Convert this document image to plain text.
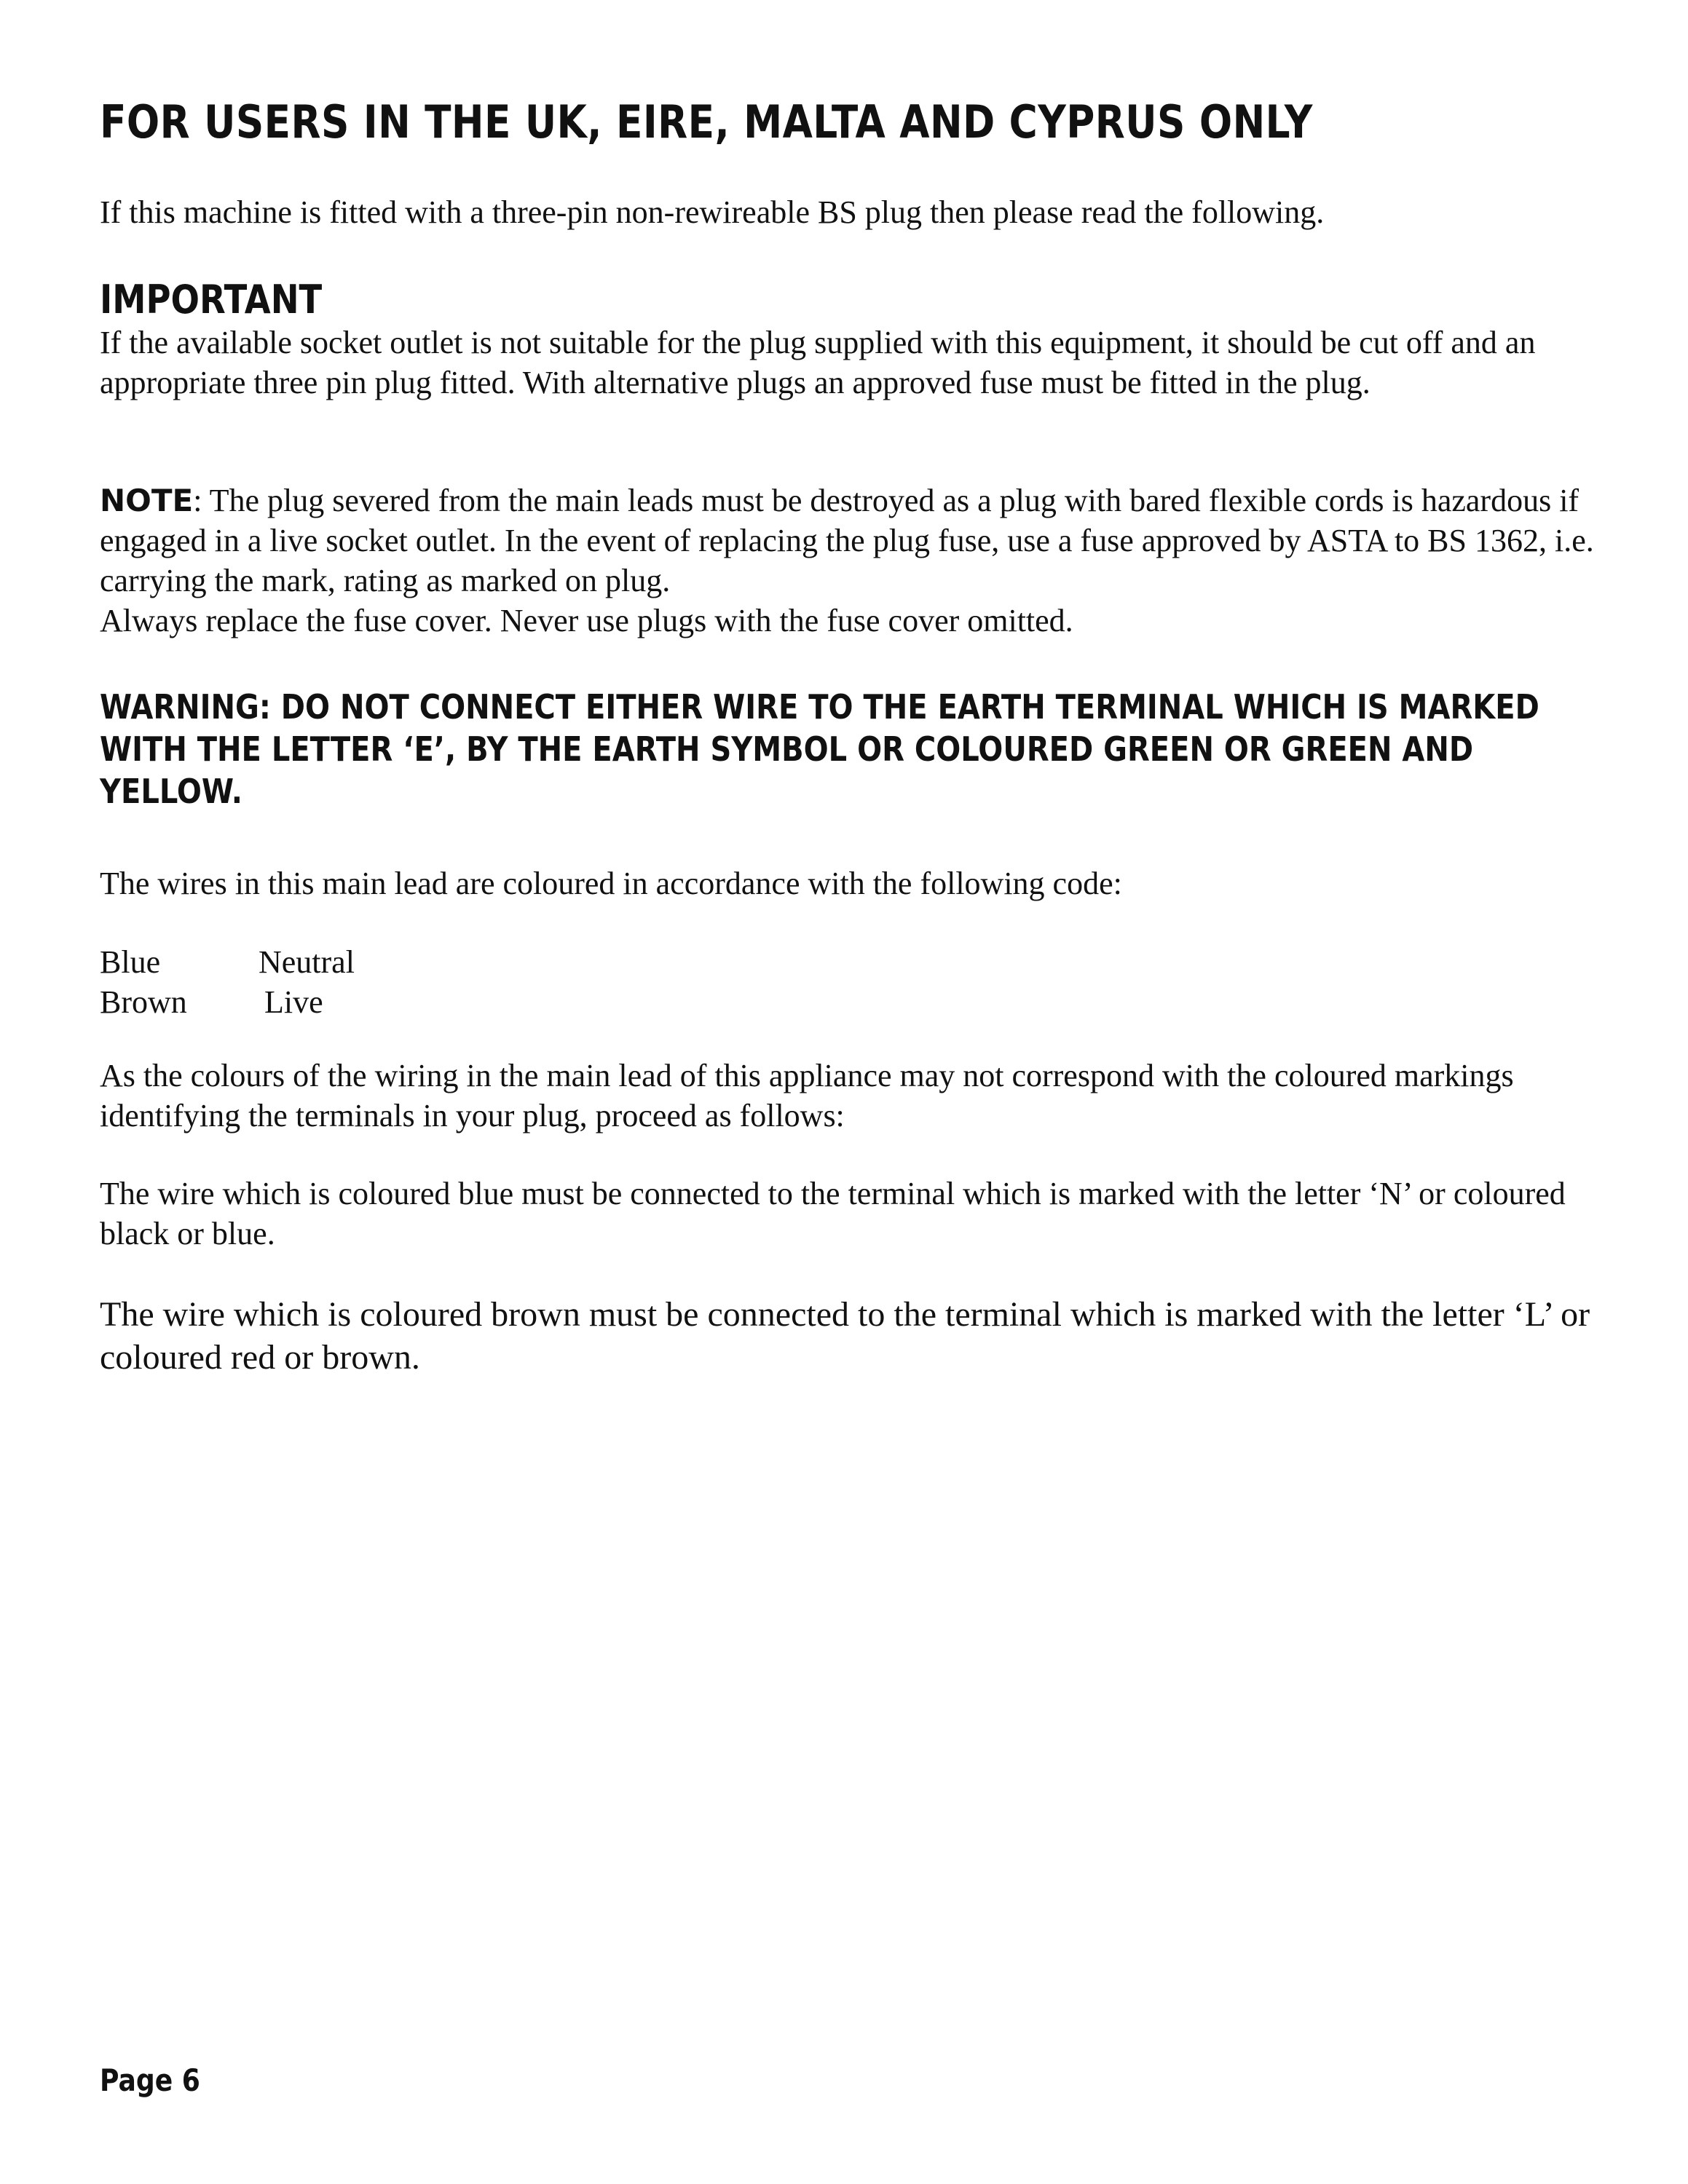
FOR USERS IN THE UK, EIRE, MALTA AND CYPRUS ONLY

If this machine is fitted with a three-pin non-rewireable BS plug then please read the following.

IMPORTANT

If the available socket outlet is not suitable for the plug supplied with this equipment, it should be cut off and an appropriate three pin plug fitted. With alternative plugs an approved fuse must be fitted in the plug.

NOTE: The plug severed from the main leads must be destroyed as a plug with bared flexible cords is hazardous if engaged in a live socket outlet. In the event of replacing the plug fuse, use a fuse approved by ASTA to BS 1362, i.e. carrying the mark, rating as marked on plug.
Always replace the fuse cover. Never use plugs with the fuse cover omitted.

WARNING: DO NOT CONNECT EITHER WIRE TO THE EARTH TERMINAL WHICH IS MARKED
WITH THE LETTER ‘E’, BY THE EARTH SYMBOL OR COLOURED GREEN OR GREEN AND
YELLOW.

The wires in this main lead are coloured in accordance with the following code:

Blue	Neutral
Brown	Live

As the colours of the wiring in the main lead of this appliance may not correspond with the coloured markings identifying the terminals in your plug, proceed as follows:

The wire which is coloured blue must be connected to the terminal which is marked with the letter ‘N’ or coloured black or blue.

The wire which is coloured brown must be connected to the terminal which is marked with the letter ‘L’ or coloured red or brown.

Page 6
